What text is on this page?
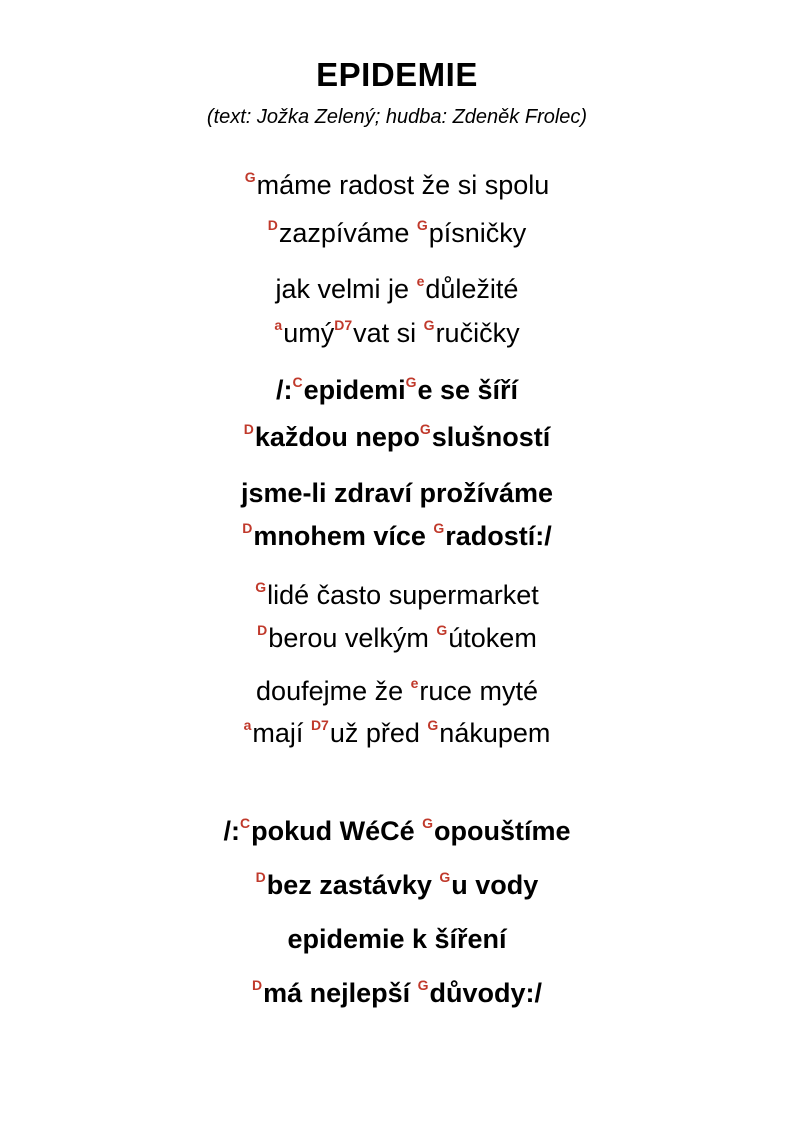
EPIDEMIE
(text: Jožka Zelený; hudba: Zdeněk Frolec)
$^G$máme radost že si spolu
$^D$zazpíváme $^G$písničky
jak velmi je $^e$důležité
$^a$umý$^{D7}$vat si $^G$ručičky
/:$^C$epidemi$^G$e se šíří
$^D$každou nepo$^G$slušností
jsme-li zdraví prožíváme
$^D$mnohem více $^G$radostí:/
$^G$lidé často supermarket
$^D$berou velkým $^G$útokem
doufejme že $^e$ruce myté
$^a$mají $^{D7}$už před $^G$nákupem
/:$^C$pokud WéCé $^G$opouštíme
$^D$bez zastávky $^G$u vody
epidemie k šíření
$^D$má nejlepší $^G$důvody:/
